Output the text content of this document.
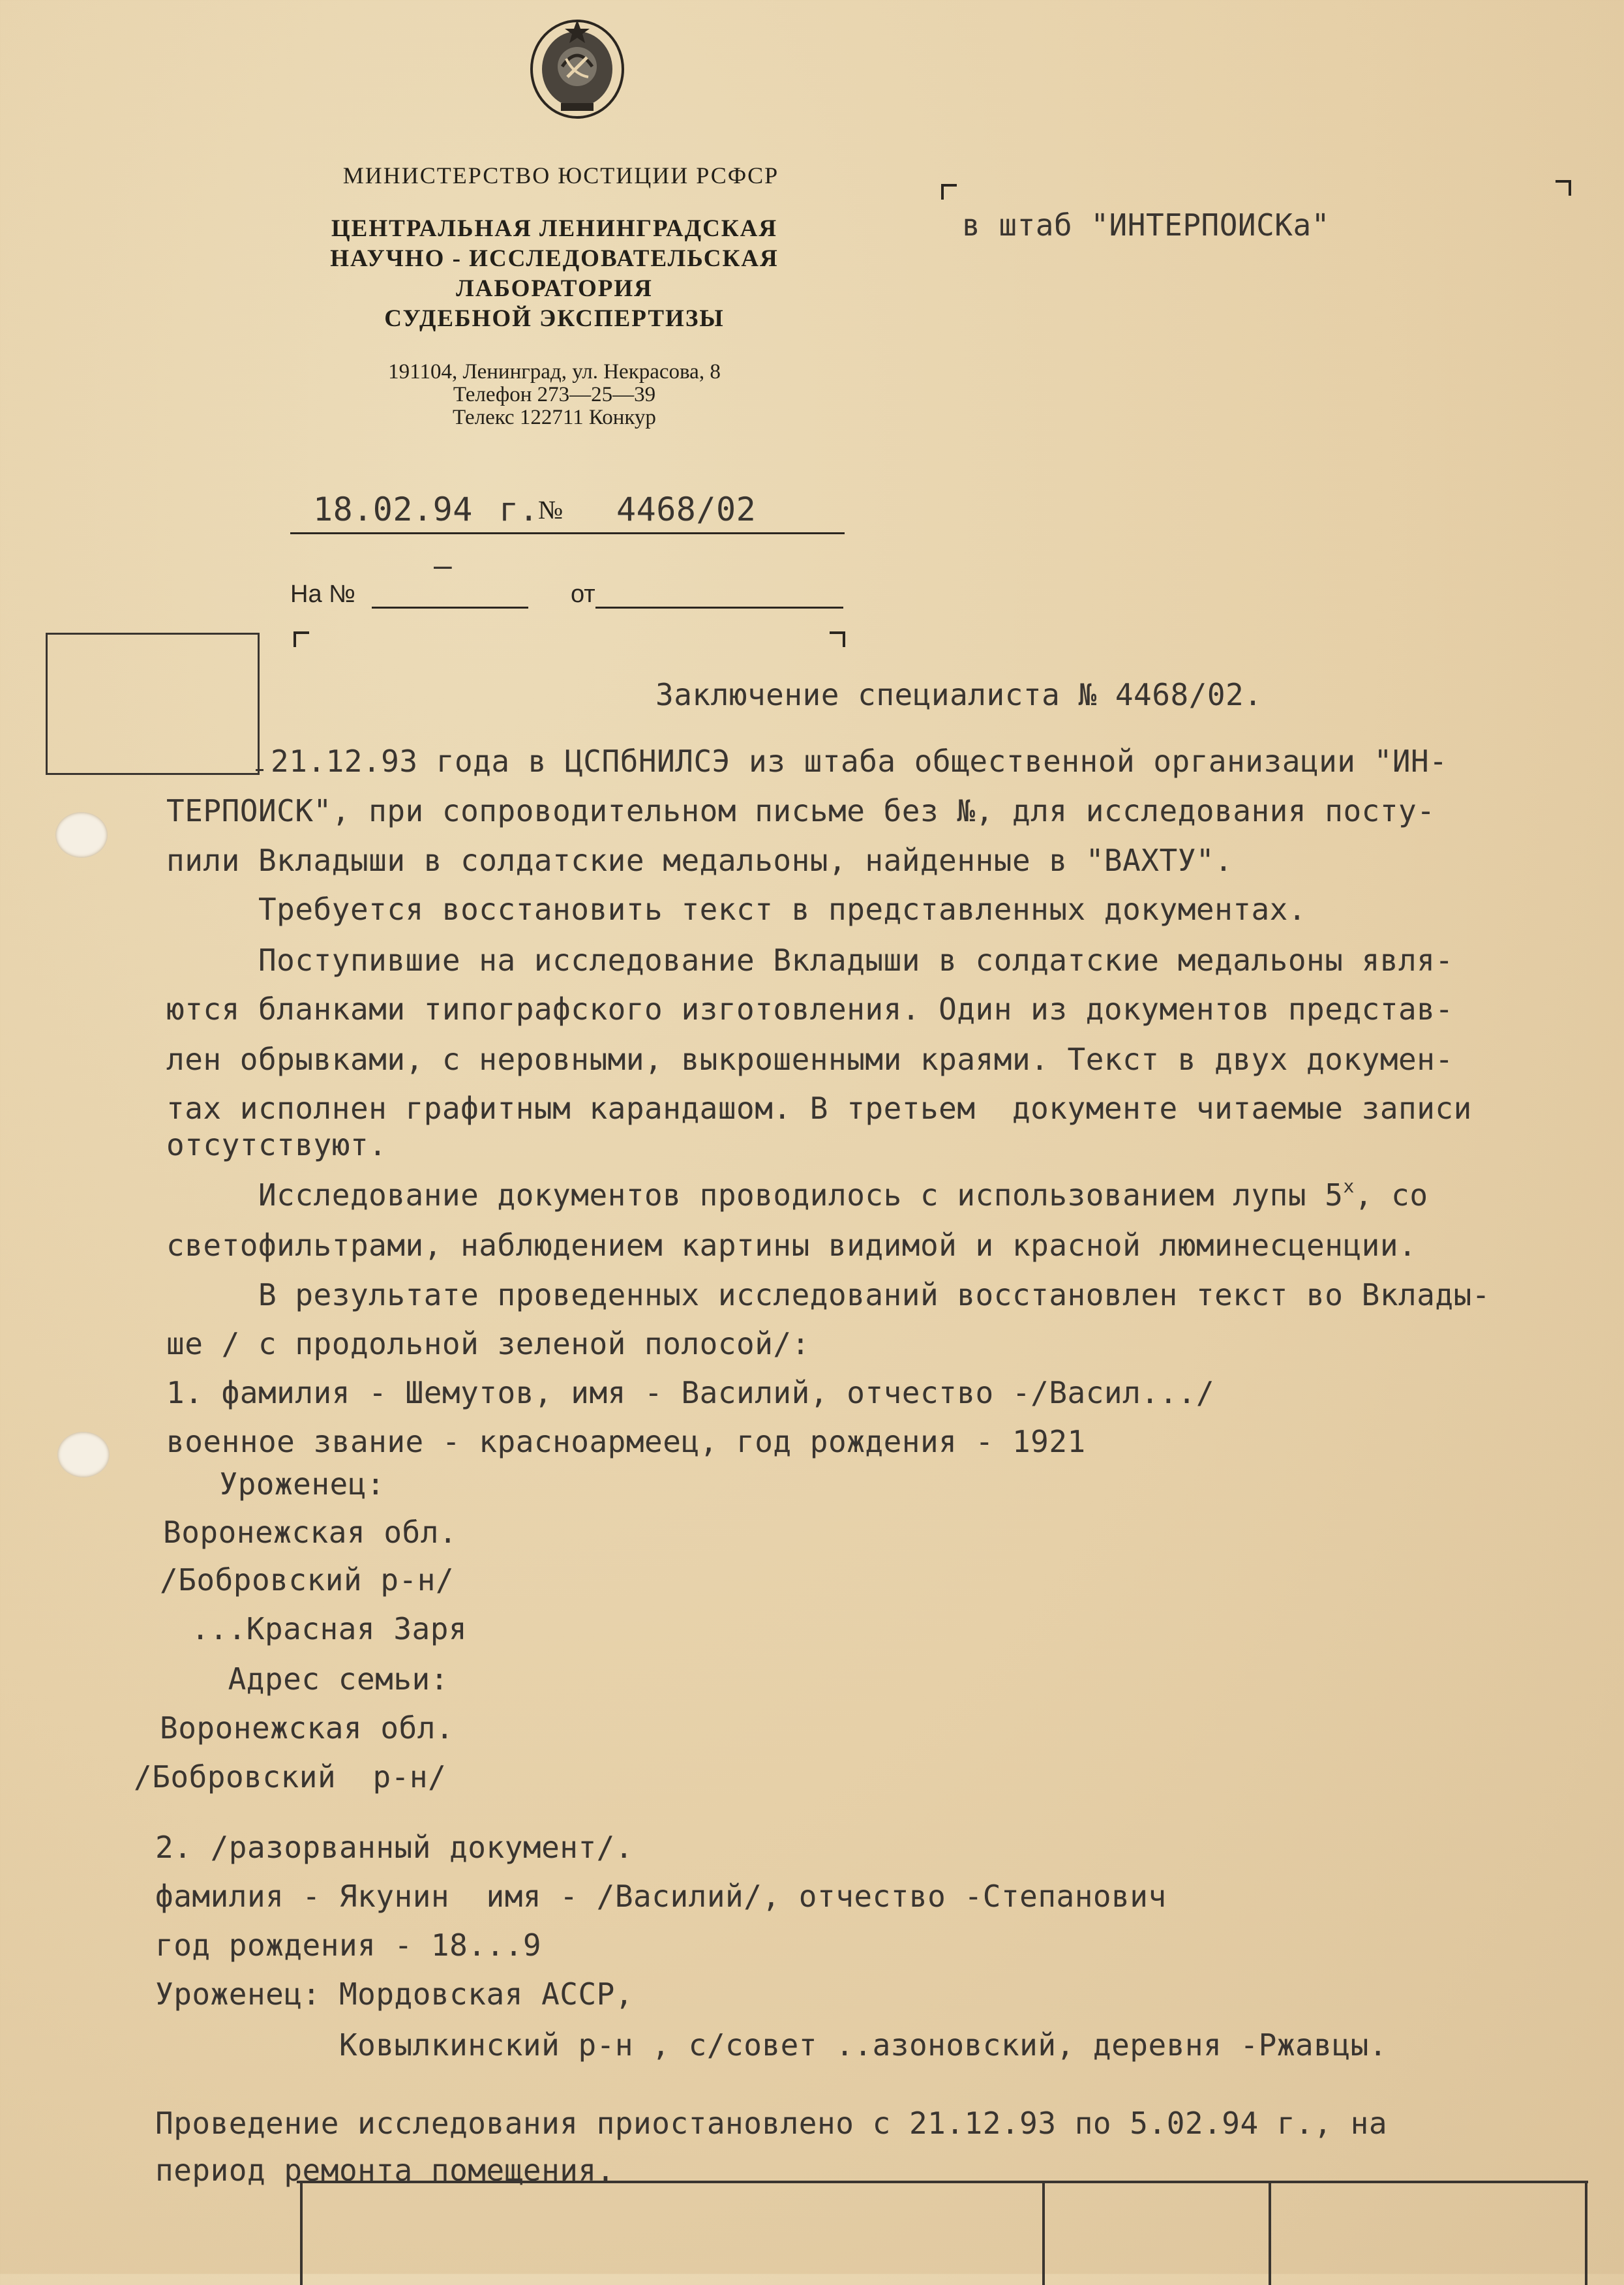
МИНИСТЕРСТВО ЮСТИЦИИ РСФСР
ЦЕНТРАЛЬНАЯ ЛЕНИНГРАДСКАЯ
НАУЧНО - ИССЛЕДОВАТЕЛЬСКАЯ
ЛАБОРАТОРИЯ
СУДЕБНОЙ ЭКСПЕРТИЗЫ
191104, Ленинград, ул. Некрасова, 8
Телефон 273—25—39
Телекс 122711 Конкур
18.02.94 г.
№ 4468/02
На №
–
от
в штаб "ИНТЕРПОИСКа"
Заключение специалиста № 4468/02.
21.12.93 года в ЦСПбНИЛСЭ из штаба общественной организации "ИН-
ТЕРПОИСК", при сопроводительном письме без №, для исследования посту-
пили Вкладыши в солдатские медальоны, найденные в "ВАХТУ".
Требуется восстановить текст в представленных документах.
Поступившие на исследование Вкладыши в солдатские медальоны явля-
ются бланками типографского изготовления. Один из документов представ-
лен обрывками, с неровными, выкрошенными краями. Текст в двух докумен-
тах исполнен графитным карандашом. В третьем  документе читаемые записи
отсутствуют.
Исследование документов проводилось с использованием лупы $5^х$, со
светофильтрами, наблюдением картины видимой и красной люминесценции.
В результате проведенных исследований восстановлен текст во Вклады-
ше / с продольной зеленой полосой/:
1. фамилия - Шемутов, имя - Василий, отчество -/Васил.../
военное звание - красноармеец, год рождения - 1921
Уроженец:
Воронежская обл.
/Бобровский р-н/
...Красная Заря
Адрес семьи:
Воронежская обл.
/Бобровский  р-н/
2. /разорванный документ/.
фамилия - Якунин  имя - /Василий/, отчество -Степанович
год рождения - 18...9
Уроженец: Мордовская АССР,
Ковылкинский р-н , с/совет ..азоновский, деревня -Ржавцы.
Проведение исследования приостановлено с 21.12.93 по 5.02.94 г., на
период ремонта помещения.
